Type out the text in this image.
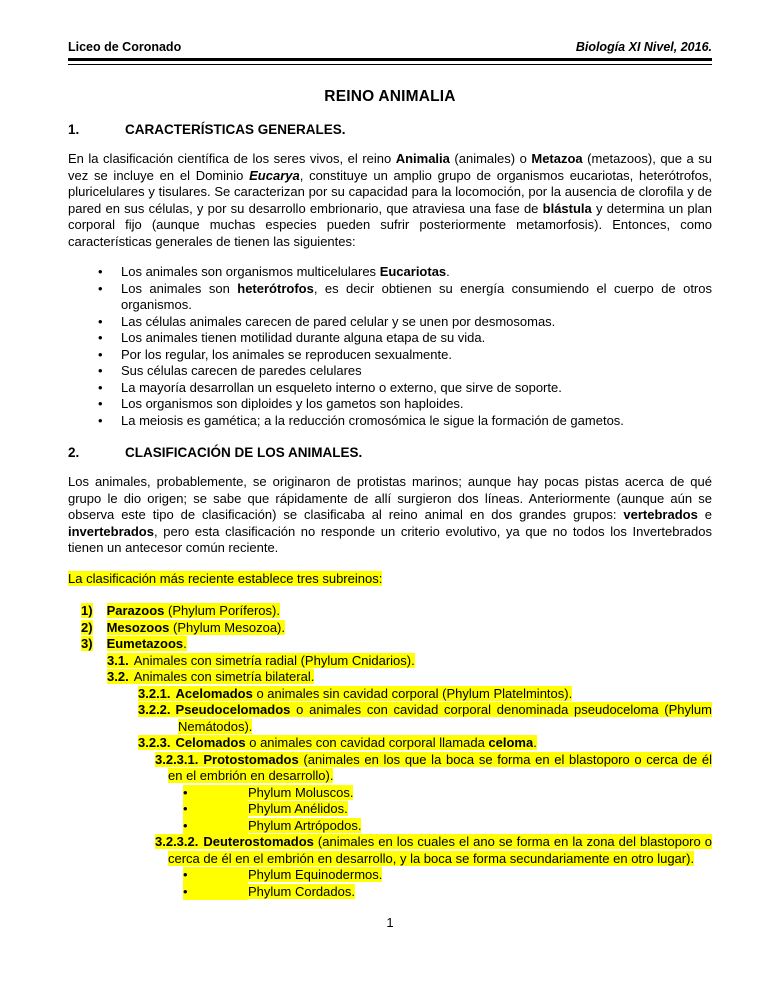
Liceo de Coronado	Biología XI Nivel, 2016.
REINO ANIMALIA
1.	CARACTERÍSTICAS GENERALES.
En la clasificación científica de los seres vivos, el reino Animalia (animales) o Metazoa (metazoos), que a su vez se incluye en el Dominio Eucarya, constituye un amplio grupo de organismos eucariotas, heterótrofos, pluricelulares y tisulares. Se caracterizan por su capacidad para la locomoción, por la ausencia de clorofila y de pared en sus células, y por su desarrollo embrionario, que atraviesa una fase de blástula y determina un plan corporal fijo (aunque muchas especies pueden sufrir posteriormente metamorfosis). Entonces, como características generales de tienen las siguientes:
• Los animales son organismos multicelulares Eucariotas.
• Los animales son heterótrofos, es decir obtienen su energía consumiendo el cuerpo de otros organismos.
• Las células animales carecen de pared celular y se unen por desmosomas.
• Los animales tienen motilidad durante alguna etapa de su vida.
• Por los regular, los animales se reproducen sexualmente.
• Sus células carecen de paredes celulares
• La mayoría desarrollan un esqueleto interno o externo, que sirve de soporte.
• Los organismos son diploides y los gametos son haploides.
• La meiosis es gamética; a la reducción cromosómica le sigue la formación de gametos.
2.	CLASIFICACIÓN DE LOS ANIMALES.
Los animales, probablemente, se originaron de protistas marinos; aunque hay pocas pistas acerca de qué grupo le dio origen; se sabe que rápidamente de allí surgieron dos líneas. Anteriormente (aunque aún se observa este tipo de clasificación) se clasificaba al reino animal en dos grandes grupos: vertebrados e invertebrados, pero esta clasificación no responde un criterio evolutivo, ya que no todos los Invertebrados tienen un antecesor común reciente.
La clasificación más reciente establece tres subreinos:
1) Parazoos (Phylum Poríferos).
2) Mesozoos (Phylum Mesozoa).
3) Eumetazoos.
3.1. Animales con simetría radial (Phylum Cnidarios).
3.2. Animales con simetría bilateral.
3.2.1. Acelomados o animales sin cavidad corporal (Phylum Platelmintos).
3.2.2. Pseudocelomados o animales con cavidad corporal denominada pseudoceloma (Phylum Nemátodos).
3.2.3. Celomados o animales con cavidad corporal llamada celoma.
3.2.3.1. Protostomados (animales en los que la boca se forma en el blastoporo o cerca de él en el embrión en desarrollo).
•	Phylum Moluscos.
•	Phylum Anélidos.
•	Phylum Artrópodos.
3.2.3.2. Deuterostomados (animales en los cuales el ano se forma en la zona del blastoporo o cerca de él en el embrión en desarrollo, y la boca se forma secundariamente en otro lugar).
•	Phylum Equinodermos.
•	Phylum Cordados.
1
